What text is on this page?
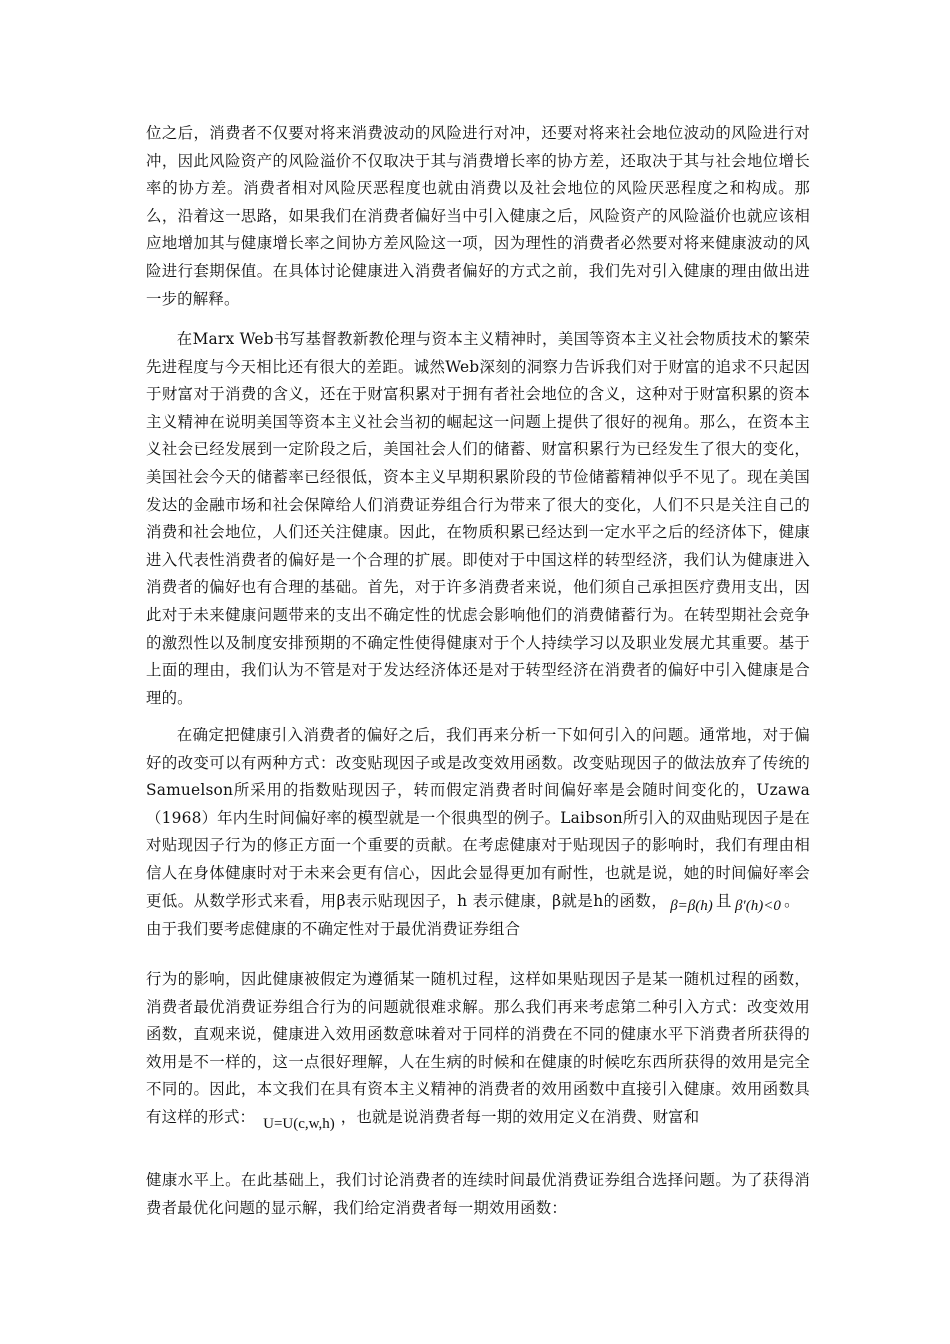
位之后，消费者不仅要对将来消费波动的风险进行对冲，还要对将来社会地位波动的风险进行对冲，因此风险资产的风险溢价不仅取决于其与消费增长率的协方差，还取决于其与社会地位增长率的协方差。消费者相对风险厌恶程度也就由消费以及社会地位的风险厌恶程度之和构成。那么，沿着这一思路，如果我们在消费者偏好当中引入健康之后，风险资产的风险溢价也就应该相应地增加其与健康增长率之间协方差风险这一项，因为理性的消费者必然要对将来健康波动的风险进行套期保值。在具体讨论健康进入消费者偏好的方式之前，我们先对引入健康的理由做出进一步的解释。

在Marx Web书写基督教新教伦理与资本主义精神时，美国等资本主义社会物质技术的繁荣先进程度与今天相比还有很大的差距。诚然Web深刻的洞察力告诉我们对于财富的追求不只起因于财富对于消费的含义，还在于财富积累对于拥有者社会地位的含义，这种对于财富积累的资本主义精神在说明美国等资本主义社会当初的崛起这一问题上提供了很好的视角。那么，在资本主义社会已经发展到一定阶段之后，美国社会人们的储蓄、财富积累行为已经发生了很大的变化，美国社会今天的储蓄率已经很低，资本主义早期积累阶段的节俭储蓄精神似乎不见了。现在美国发达的金融市场和社会保障给人们消费证券组合行为带来了很大的变化，人们不只是关注自己的消费和社会地位，人们还关注健康。因此，在物质积累已经达到一定水平之后的经济体下，健康进入代表性消费者的偏好是一个合理的扩展。即使对于中国这样的转型经济，我们认为健康进入消费者的偏好也有合理的基础。首先，对于许多消费者来说，他们须自己承担医疗费用支出，因此对于未来健康问题带来的支出不确定性的忧虑会影响他们的消费储蓄行为。在转型期社会竞争的激烈性以及制度安排预期的不确定性使得健康对于个人持续学习以及职业发展尤其重要。基于上面的理由，我们认为不管是对于发达经济体还是对于转型经济在消费者的偏好中引入健康是合理的。

在确定把健康引入消费者的偏好之后，我们再来分析一下如何引入的问题。通常地，对于偏好的改变可以有两种方式：改变贴现因子或是改变效用函数。改变贴现因子的做法放弃了传统的Samuelson所采用的指数贴现因子，转而假定消费者时间偏好率是会随时间变化的，Uzawa（1968）年内生时间偏好率的模型就是一个很典型的例子。Laibson所引入的双曲贴现因子是在对贴现因子行为的修正方面一个重要的贡献。在考虑健康对于贴现因子的影响时，我们有理由相信人在身体健康时对于未来会更有信心，因此会显得更加有耐性，也就是说，她的时间偏好率会更低。从数学形式来看，用β表示贴现因子，h 表示健康，β就是h的函数， β=β(h) 且 β′(h)<0 。由于我们要考虑健康的不确定性对于最优消费证券组合

行为的影响，因此健康被假定为遵循某一随机过程，这样如果贴现因子是某一随机过程的函数，消费者最优消费证券组合行为的问题就很难求解。那么我们再来考虑第二种引入方式：改变效用函数，直观来说，健康进入效用函数意味着对于同样的消费在不同的健康水平下消费者所获得的效用是不一样的，这一点很好理解，人在生病的时候和在健康的时候吃东西所获得的效用是完全不同的。因此，本文我们在具有资本主义精神的消费者的效用函数中直接引入健康。效用函数具有这样的形式： U=U(c,w,h) ，也就是说消费者每一期的效用定义在消费、财富和

健康水平上。在此基础上，我们讨论消费者的连续时间最优消费证券组合选择问题。为了获得消费者最优化问题的显示解，我们给定消费者每一期效用函数：
